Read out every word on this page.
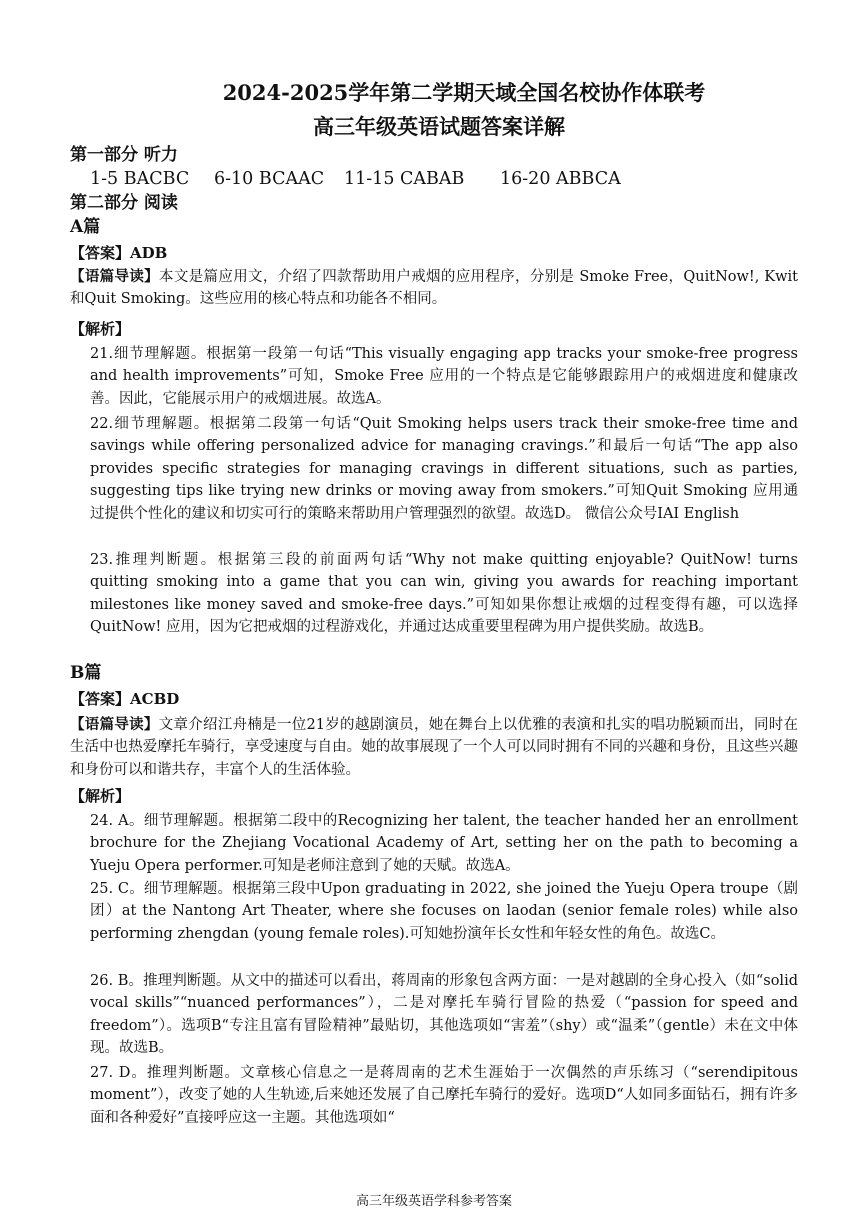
2024-2025学年第二学期天域全国名校协作体联考
高三年级英语试题答案详解
第一部分 听力
1-5 BACBC 6-10 BCAAC 11-15 CABAB 16-20 ABBCA
第二部分 阅读
A篇
【答案】ADB

【语篇导读】本文是篇应用文，介绍了四款帮助用户戒烟的应用程序，分别是 Smoke Free，QuitNow!, Kwit 和Quit Smoking。这些应用的核心特点和功能各不相同。

【解析】

21.细节理解题。根据第一段第一句话“This visually engaging app tracks your smoke-free progress and health improvements”可知，Smoke Free 应用的一个特点是它能够跟踪用户的戒烟进度和健康改善。因此，它能展示用户的戒烟进展。故选A。

22.细节理解题。根据第二段第一句话“Quit Smoking helps users track their smoke-free time and savings while offering personalized advice for managing cravings.”和最后一句话“The app also provides specific strategies for managing cravings in different situations, such as parties, suggesting tips like trying new drinks or moving away from smokers.”可知Quit Smoking 应用通过提供个性化的建议和切实可行的策略来帮助用户管理强烈的欲望。故选D。 微信公众号IAI English

23.推理判断题。根据第三段的前面两句话“Why not make quitting enjoyable? QuitNow! turns quitting smoking into a game that you can win, giving you awards for reaching important milestones like money saved and smoke-free days.”可知如果你想让戒烟的过程变得有趣，可以选择 QuitNow! 应用，因为它把戒烟的过程游戏化，并通过达成重要里程碑为用户提供奖励。故选B。

B篇
【答案】ACBD

【语篇导读】文章介绍江舟楠是一位21岁的越剧演员，她在舞台上以优雅的表演和扎实的唱功脱颖而出，同时在生活中也热爱摩托车骑行，享受速度与自由。她的故事展现了一个人可以同时拥有不同的兴趣和身份，且这些兴趣和身份可以和谐共存，丰富个人的生活体验。

【解析】

24. A。细节理解题。根据第二段中的Recognizing her talent, the teacher handed her an enrollment brochure for the Zhejiang Vocational Academy of Art, setting her on the path to becoming a Yueju Opera performer.可知是老师注意到了她的天赋。故选A。

25. C。细节理解题。根据第三段中Upon graduating in 2022, she joined the Yueju Opera troupe（剧团）at the Nantong Art Theater, where she focuses on laodan (senior female roles) while also performing zhengdan (young female roles).可知她扮演年长女性和年轻女性的角色。故选C。

26. B。推理判断题。从文中的描述可以看出，蒋周南的形象包含两方面：一是对越剧的全身心投入（如“solid vocal skills”“nuanced performances”），二是对摩托车骑行冒险的热爱（“passion for speed and freedom”）。选项B“专注且富有冒险精神”最贴切，其他选项如“害羞”（shy）或“温柔”（gentle）未在文中体现。故选B。

27. D。推理判断题。文章核心信息之一是蒋周南的艺术生涯始于一次偶然的声乐练习（“serendipitous moment”），改变了她的人生轨迹,后来她还发展了自己摩托车骑行的爱好。选项D“人如同多面钻石，拥有许多面和各种爱好”直接呼应这一主题。其他选项如“

高三年级英语学科参考答案
